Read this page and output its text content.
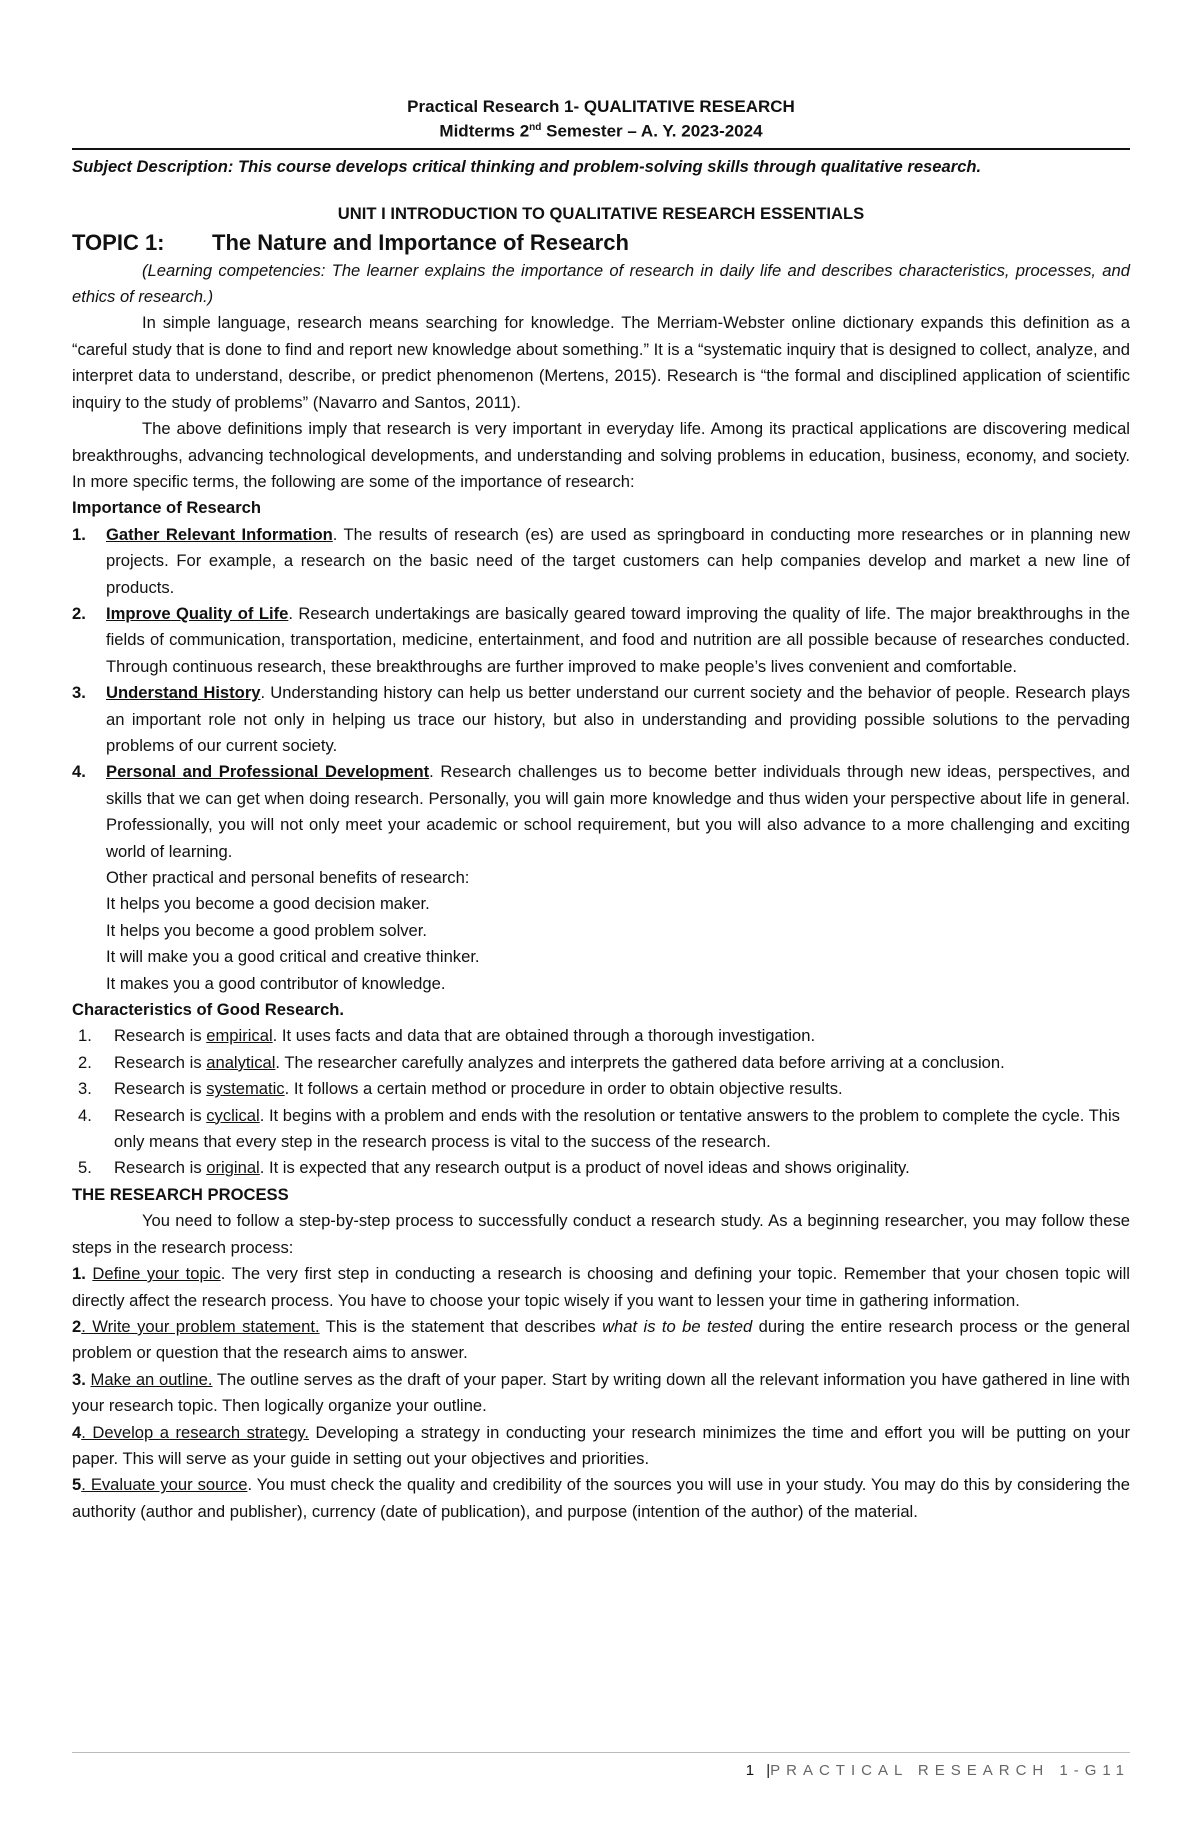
Practical Research 1- QUALITATIVE RESEARCH
Midterms 2nd Semester – A. Y. 2023-2024
Subject Description: This course develops critical thinking and problem-solving skills through qualitative research.
UNIT I INTRODUCTION TO QUALITATIVE RESEARCH ESSENTIALS
TOPIC 1: The Nature and Importance of Research

(Learning competencies: The learner explains the importance of research in daily life and describes characteristics, processes, and ethics of research.)

In simple language, research means searching for knowledge. The Merriam-Webster online dictionary expands this definition as a “careful study that is done to find and report new knowledge about something.” It is a “systematic inquiry that is designed to collect, analyze, and interpret data to understand, describe, or predict phenomenon (Mertens, 2015). Research is “the formal and disciplined application of scientific inquiry to the study of problems” (Navarro and Santos, 2011).

The above definitions imply that research is very important in everyday life. Among its practical applications are discovering medical breakthroughs, advancing technological developments, and understanding and solving problems in education, business, economy, and society. In more specific terms, the following are some of the importance of research:

Importance of Research
1. Gather Relevant Information. The results of research (es) are used as springboard in conducting more researches or in planning new projects. For example, a research on the basic need of the target customers can help companies develop and market a new line of products.
2. Improve Quality of Life. Research undertakings are basically geared toward improving the quality of life. The major breakthroughs in the fields of communication, transportation, medicine, entertainment, and food and nutrition are all possible because of researches conducted. Through continuous research, these breakthroughs are further improved to make people’s lives convenient and comfortable.
3. Understand History. Understanding history can help us better understand our current society and the behavior of people. Research plays an important role not only in helping us trace our history, but also in understanding and providing possible solutions to the pervading problems of our current society.
4. Personal and Professional Development. Research challenges us to become better individuals through new ideas, perspectives, and skills that we can get when doing research. Personally, you will gain more knowledge and thus widen your perspective about life in general. Professionally, you will not only meet your academic or school requirement, but you will also advance to a more challenging and exciting world of learning.

Other practical and personal benefits of research:

It helps you become a good decision maker.

It helps you become a good problem solver.

It will make you a good critical and creative thinker.

It makes you a good contributor of knowledge.

Characteristics of Good Research.
1. Research is empirical. It uses facts and data that are obtained through a thorough investigation.
2. Research is analytical. The researcher carefully analyzes and interprets the gathered data before arriving at a conclusion.
3. Research is systematic. It follows a certain method or procedure in order to obtain objective results.
4. Research is cyclical. It begins with a problem and ends with the resolution or tentative answers to the problem to complete the cycle. This only means that every step in the research process is vital to the success of the research.
5. Research is original. It is expected that any research output is a product of novel ideas and shows originality.
THE RESEARCH PROCESS

You need to follow a step-by-step process to successfully conduct a research study. As a beginning researcher, you may follow these steps in the research process:

1. Define your topic. The very first step in conducting a research is choosing and defining your topic. Remember that your chosen topic will directly affect the research process. You have to choose your topic wisely if you want to lessen your time in gathering information.

2. Write your problem statement. This is the statement that describes what is to be tested during the entire research process or the general problem or question that the research aims to answer.

3. Make an outline. The outline serves as the draft of your paper. Start by writing down all the relevant information you have gathered in line with your research topic. Then logically organize your outline.

4. Develop a research strategy. Developing a strategy in conducting your research minimizes the time and effort you will be putting on your paper. This will serve as your guide in setting out your objectives and priorities.

5. Evaluate your source. You must check the quality and credibility of the sources you will use in your study. You may do this by considering the authority (author and publisher), currency (date of publication), and purpose (intention of the author) of the material.

1 |PRACTICAL RESEARCH 1-G11
